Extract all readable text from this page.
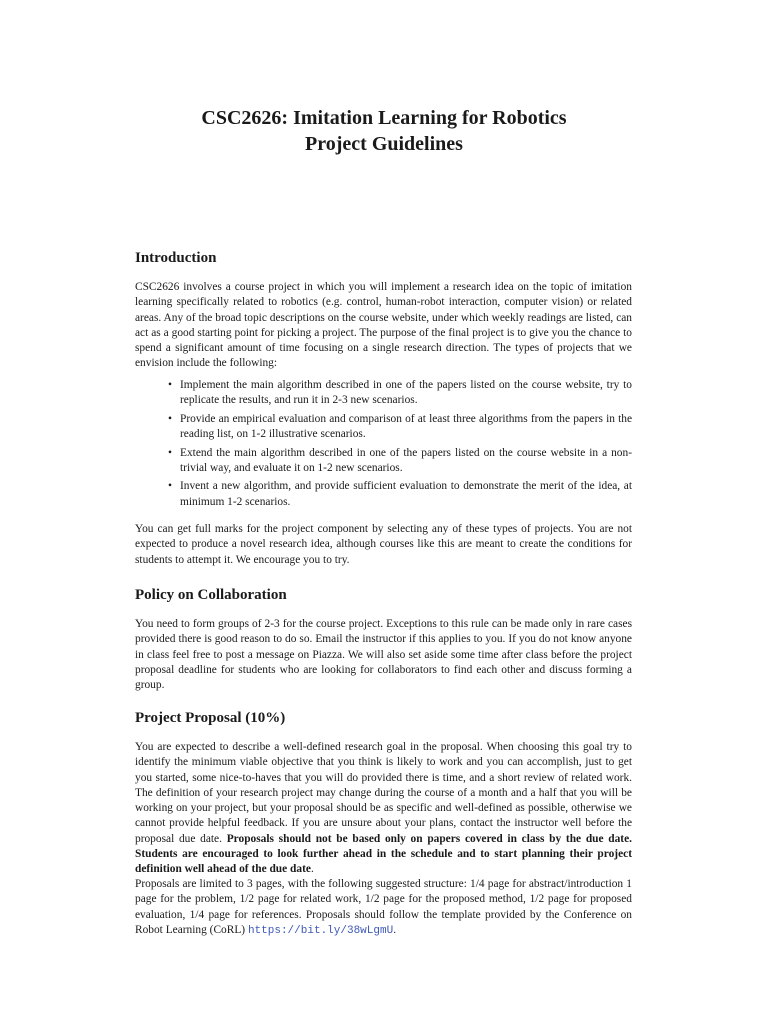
CSC2626: Imitation Learning for Robotics
Project Guidelines
Introduction

CSC2626 involves a course project in which you will implement a research idea on the topic of imitation learning specifically related to robotics (e.g. control, human-robot interaction, computer vision) or related areas. Any of the broad topic descriptions on the course website, under which weekly readings are listed, can act as a good starting point for picking a project. The purpose of the final project is to give you the chance to spend a significant amount of time focusing on a single research direction. The types of projects that we envision include the following:

• Implement the main algorithm described in one of the papers listed on the course website, try to replicate the results, and run it in 2-3 new scenarios.
• Provide an empirical evaluation and comparison of at least three algorithms from the papers in the reading list, on 1-2 illustrative scenarios.
• Extend the main algorithm described in one of the papers listed on the course website in a non-trivial way, and evaluate it on 1-2 new scenarios.
• Invent a new algorithm, and provide sufficient evaluation to demonstrate the merit of the idea, at minimum 1-2 scenarios.

You can get full marks for the project component by selecting any of these types of projects. You are not expected to produce a novel research idea, although courses like this are meant to create the conditions for students to attempt it. We encourage you to try.

Policy on Collaboration

You need to form groups of 2-3 for the course project. Exceptions to this rule can be made only in rare cases provided there is good reason to do so. Email the instructor if this applies to you. If you do not know anyone in class feel free to post a message on Piazza. We will also set aside some time after class before the project proposal deadline for students who are looking for collaborators to find each other and discuss forming a group.

Project Proposal (10%)

You are expected to describe a well-defined research goal in the proposal. When choosing this goal try to identify the minimum viable objective that you think is likely to work and you can accomplish, just to get you started, some nice-to-haves that you will do provided there is time, and a short review of related work. The definition of your research project may change during the course of a month and a half that you will be working on your project, but your proposal should be as specific and well-defined as possible, otherwise we cannot provide helpful feedback. If you are unsure about your plans, contact the instructor well before the proposal due date. Proposals should not be based only on papers covered in class by the due date. Students are encouraged to look further ahead in the schedule and to start planning their project definition well ahead of the due date.

Proposals are limited to 3 pages, with the following suggested structure: 1/4 page for abstract/introduction 1 page for the problem, 1/2 page for related work, 1/2 page for the proposed method, 1/2 page for proposed evaluation, 1/4 page for references. Proposals should follow the template provided by the Conference on Robot Learning (CoRL) https://bit.ly/38wLgmU.
